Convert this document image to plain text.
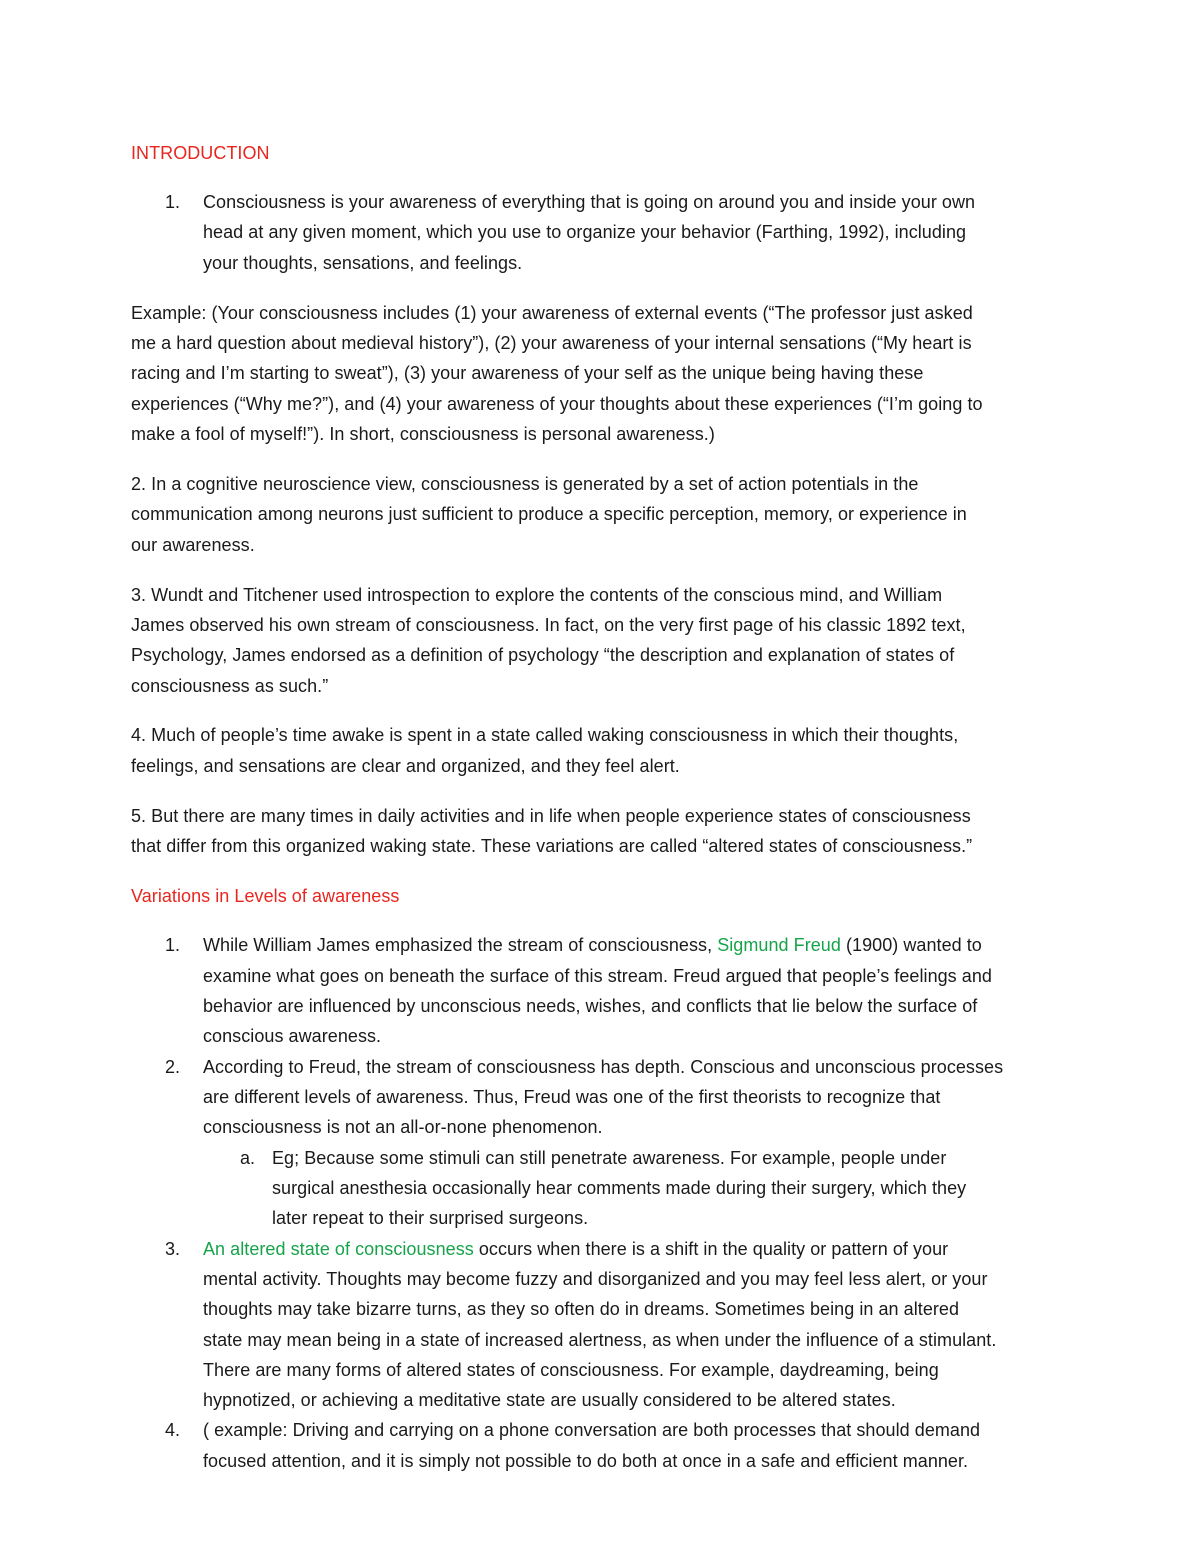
INTRODUCTION
1. Consciousness is your awareness of everything that is going on around you and inside your own
head at any given moment, which you use to organize your behavior (Farthing, 1992), including
your thoughts, sensations, and feelings.
Example: (Your consciousness includes (1) your awareness of external events (“The professor just asked
me a hard question about medieval history”), (2) your awareness of your internal sensations (“My heart is
racing and I’m starting to sweat”), (3) your awareness of your self as the unique being having these
experiences (“Why me?”), and (4) your awareness of your thoughts about these experiences (“I’m going to
make a fool of myself!”). In short, consciousness is personal awareness.)
2. In a cognitive neuroscience view, consciousness is generated by a set of action potentials in the
communication among neurons just sufficient to produce a specific perception, memory, or experience in
our awareness.
3. Wundt and Titchener used introspection to explore the contents of the conscious mind, and William
James observed his own stream of consciousness. In fact, on the very first page of his classic 1892 text,
Psychology, James endorsed as a definition of psychology “the description and explanation of states of
consciousness as such.”
4. Much of people’s time awake is spent in a state called waking consciousness in which their thoughts,
feelings, and sensations are clear and organized, and they feel alert.
5. But there are many times in daily activities and in life when people experience states of consciousness
that differ from this organized waking state. These variations are called “altered states of consciousness.”
Variations in Levels of awareness
1. While William James emphasized the stream of consciousness, Sigmund Freud (1900) wanted to
examine what goes on beneath the surface of this stream. Freud argued that people’s feelings and
behavior are influenced by unconscious needs, wishes, and conflicts that lie below the surface of
conscious awareness.
2. According to Freud, the stream of consciousness has depth. Conscious and unconscious processes
are different levels of awareness. Thus, Freud was one of the first theorists to recognize that
consciousness is not an all-or-none phenomenon.
a. Eg; Because some stimuli can still penetrate awareness. For example, people under
surgical anesthesia occasionally hear comments made during their surgery, which they
later repeat to their surprised surgeons.
3. An altered state of consciousness occurs when there is a shift in the quality or pattern of your
mental activity. Thoughts may become fuzzy and disorganized and you may feel less alert, or your
thoughts may take bizarre turns, as they so often do in dreams. Sometimes being in an altered
state may mean being in a state of increased alertness, as when under the influence of a stimulant.
There are many forms of altered states of consciousness. For example, daydreaming, being
hypnotized, or achieving a meditative state are usually considered to be altered states.
4. ( example: Driving and carrying on a phone conversation are both processes that should demand
focused attention, and it is simply not possible to do both at once in a safe and efficient manner.
